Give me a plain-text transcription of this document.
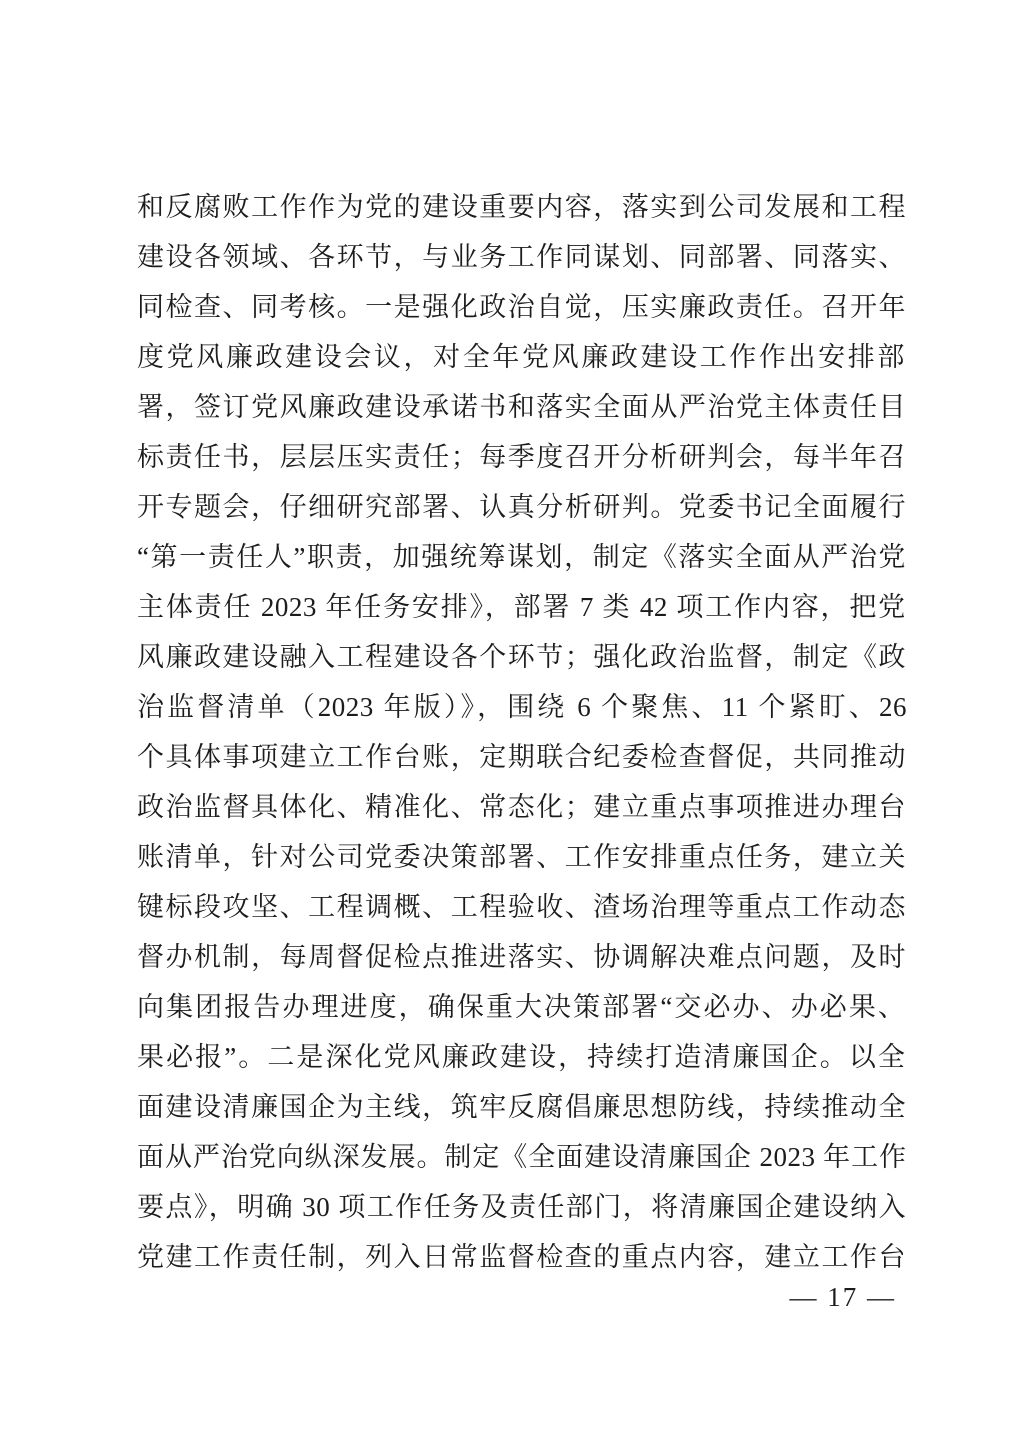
和反腐败工作作为党的建设重要内容，落实到公司发展和工程
建设各领域、各环节，与业务工作同谋划、同部署、同落实、
同检查、同考核。一是强化政治自觉，压实廉政责任。召开年
度党风廉政建设会议，对全年党风廉政建设工作作出安排部
署，签订党风廉政建设承诺书和落实全面从严治党主体责任目
标责任书，层层压实责任；每季度召开分析研判会，每半年召
开专题会，仔细研究部署、认真分析研判。党委书记全面履行
“第一责任人”职责，加强统筹谋划，制定《落实全面从严治党
主体责任 2023 年任务安排》，部署 7 类 42 项工作内容，把党
风廉政建设融入工程建设各个环节；强化政治监督，制定《政
治监督清单（2023 年版）》，围绕 6 个聚焦、11 个紧盯、26
个具体事项建立工作台账，定期联合纪委检查督促，共同推动
政治监督具体化、精准化、常态化；建立重点事项推进办理台
账清单，针对公司党委决策部署、工作安排重点任务，建立关
键标段攻坚、工程调概、工程验收、渣场治理等重点工作动态
督办机制，每周督促检点推进落实、协调解决难点问题，及时
向集团报告办理进度，确保重大决策部署“交必办、办必果、
果必报”。二是深化党风廉政建设，持续打造清廉国企。以全
面建设清廉国企为主线，筑牢反腐倡廉思想防线，持续推动全
面从严治党向纵深发展。制定《全面建设清廉国企 2023 年工作
要点》，明确 30 项工作任务及责任部门，将清廉国企建设纳入
党建工作责任制，列入日常监督检查的重点内容，建立工作台
— 17 —
